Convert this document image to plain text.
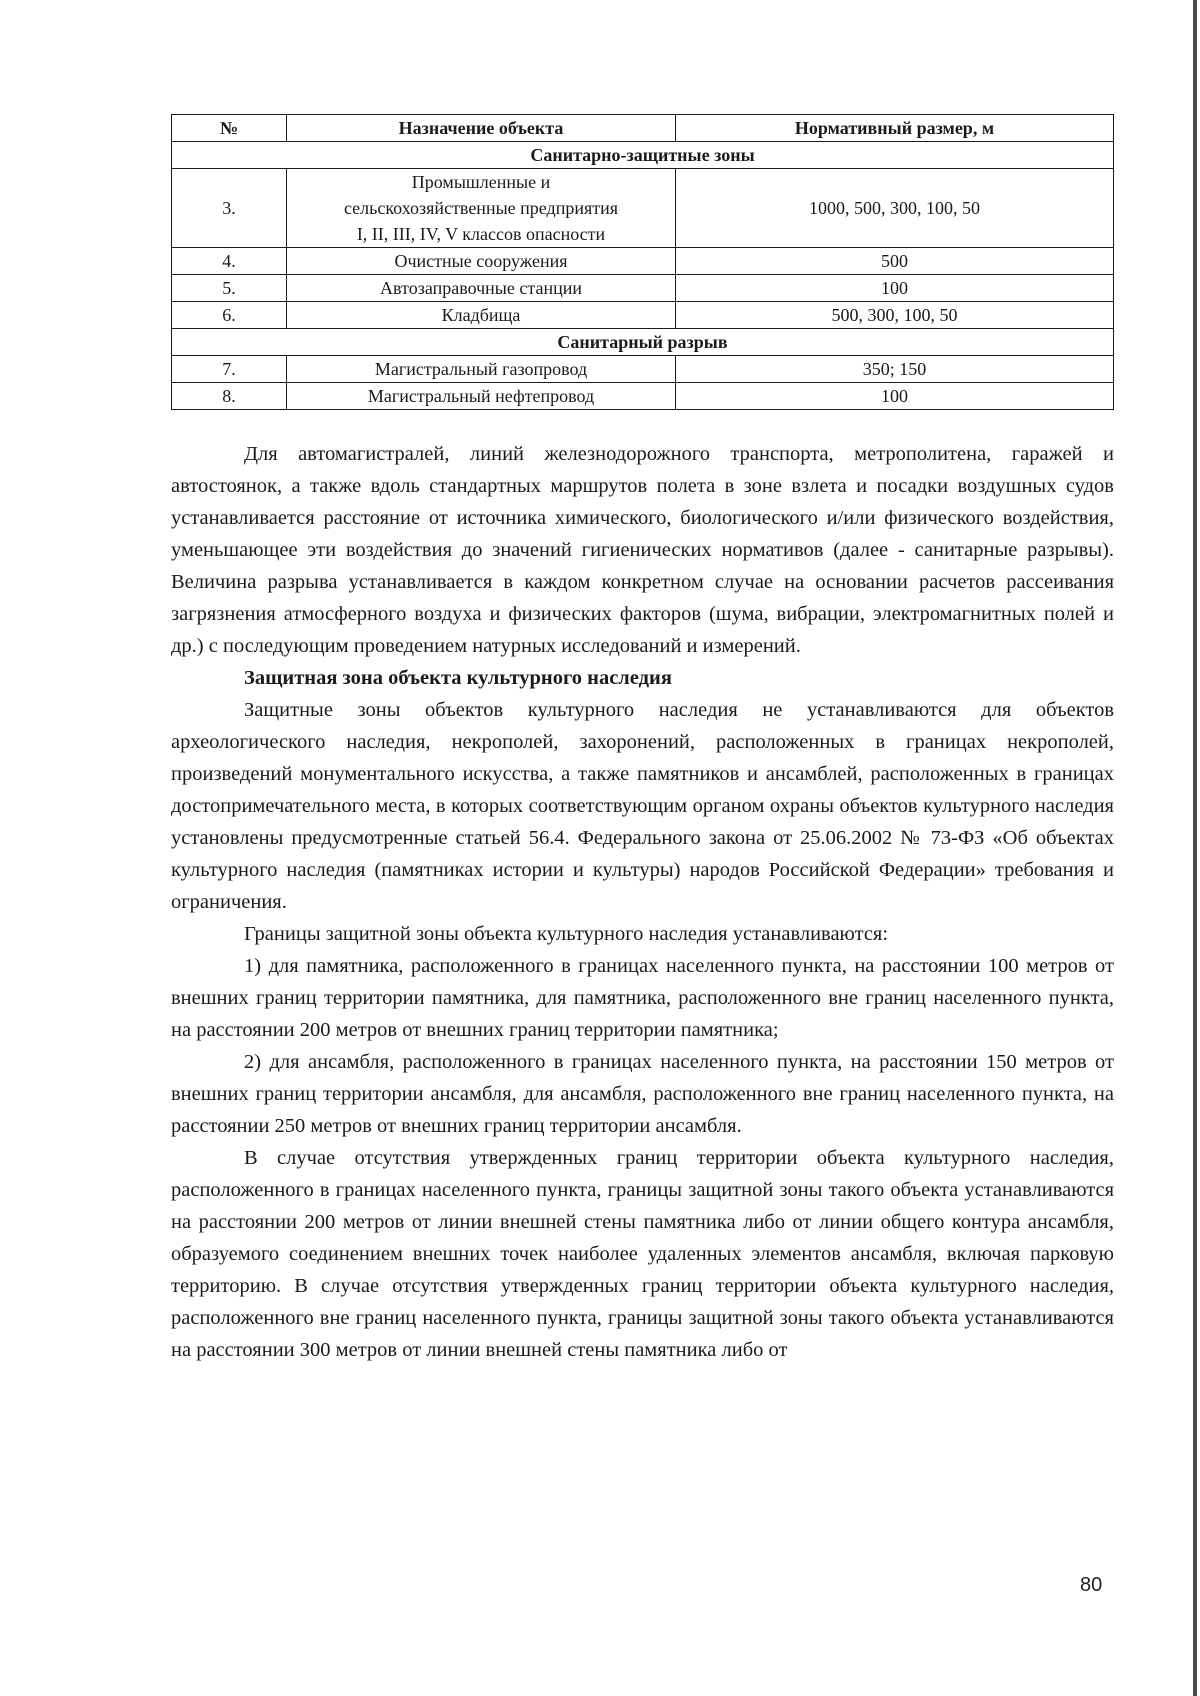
№	Назначение объекта	Нормативный размер, м
Санитарно-защитные зоны		
3.	Промышленные и
сельскохозяйственные предприятия
I, II, III, IV, V классов опасности	1000, 500, 300, 100, 50
4.	Очистные сооружения	500
5.	Автозаправочные станции	100
6.	Кладбища	500, 300, 100, 50
Санитарный разрыв		
7.	Магистральный газопровод	350; 150
8.	Магистральный нефтепровод	100

Для автомагистралей, линий железнодорожного транспорта, метрополитена, гаражей и автостоянок, а также вдоль стандартных маршрутов полета в зоне взлета и посадки воздушных судов устанавливается расстояние от источника химического, биологического и/или физического воздействия, уменьшающее эти воздействия до значений гигиенических нормативов (далее - санитарные разрывы). Величина разрыва устанавливается в каждом конкретном случае на основании расчетов рассеивания загрязнения атмосферного воздуха и физических факторов (шума, вибрации, электромагнитных полей и др.) с последующим проведением натурных исследований и измерений.

Защитная зона объекта культурного наследия

Защитные зоны объектов культурного наследия не устанавливаются для объектов археологического наследия, некрополей, захоронений, расположенных в границах некрополей, произведений монументального искусства, а также памятников и ансамблей, расположенных в границах достопримечательного места, в которых соответствующим органом охраны объектов культурного наследия установлены предусмотренные статьей 56.4. Федерального закона от 25.06.2002 № 73-ФЗ «Об объектах культурного наследия (памятниках истории и культуры) народов Российской Федерации» требования и ограничения.

Границы защитной зоны объекта культурного наследия устанавливаются:

1) для памятника, расположенного в границах населенного пункта, на расстоянии 100 метров от внешних границ территории памятника, для памятника, расположенного вне границ населенного пункта, на расстоянии 200 метров от внешних границ территории памятника;

2) для ансамбля, расположенного в границах населенного пункта, на расстоянии 150 метров от внешних границ территории ансамбля, для ансамбля, расположенного вне границ населенного пункта, на расстоянии 250 метров от внешних границ территории ансамбля.

В случае отсутствия утвержденных границ территории объекта культурного наследия, расположенного в границах населенного пункта, границы защитной зоны такого объекта устанавливаются на расстоянии 200 метров от линии внешней стены памятника либо от линии общего контура ансамбля, образуемого соединением внешних точек наиболее удаленных элементов ансамбля, включая парковую территорию. В случае отсутствия утвержденных границ территории объекта культурного наследия, расположенного вне границ населенного пункта, границы защитной зоны такого объекта устанавливаются на расстоянии 300 метров от линии внешней стены памятника либо от

80
